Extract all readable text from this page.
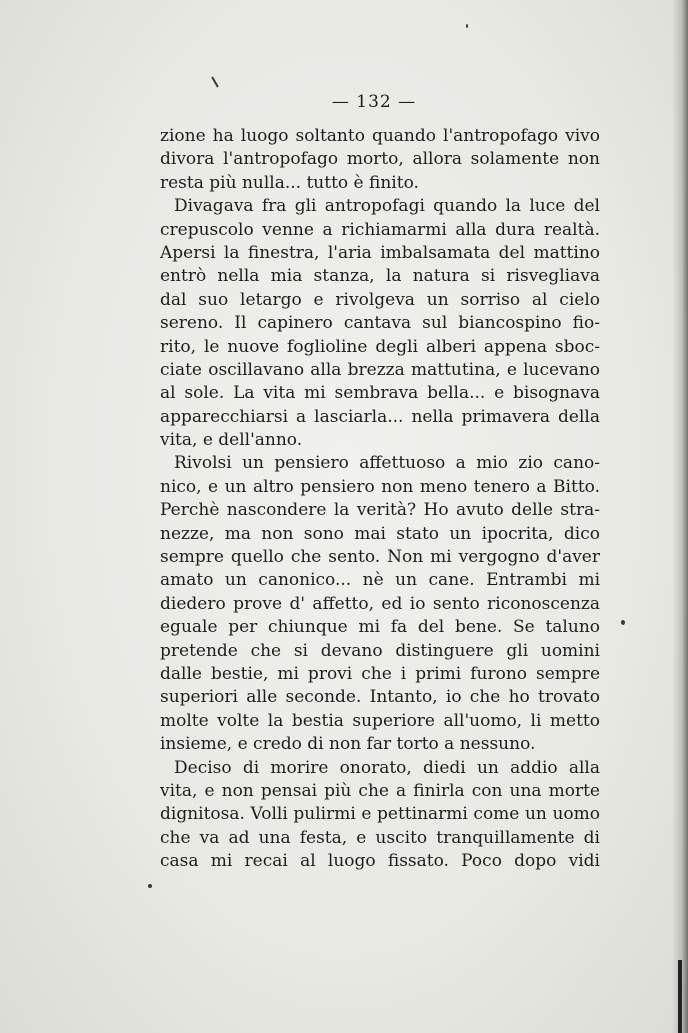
— 132 —
zione ha luogo soltanto quando l'antropofago vivo
divora l'antropofago morto, allora solamente non
resta più nulla... tutto è finito.
Divagava fra gli antropofagi quando la luce del
crepuscolo venne a richiamarmi alla dura realtà.
Apersi la finestra, l'aria imbalsamata del mattino
entrò nella mia stanza, la natura si risvegliava
dal suo letargo e rivolgeva un sorriso al cielo
sereno. Il capinero cantava sul biancospino fio-
rito, le nuove foglioline degli alberi appena sboc-
ciate oscillavano alla brezza mattutina, e lucevano
al sole. La vita mi sembrava bella... e bisognava
apparecchiarsi a lasciarla... nella primavera della
vita, e dell'anno.
Rivolsi un pensiero affettuoso a mio zio cano-
nico, e un altro pensiero non meno tenero a Bitto.
Perchè nascondere la verità? Ho avuto delle stra-
nezze, ma non sono mai stato un ipocrita, dico
sempre quello che sento. Non mi vergogno d'aver
amato un canonico... nè un cane. Entrambi mi
diedero prove d' affetto, ed io sento riconoscenza
eguale per chiunque mi fa del bene. Se taluno
pretende che si devano distinguere gli uomini
dalle bestie, mi provi che i primi furono sempre
superiori alle seconde. Intanto, io che ho trovato
molte volte la bestia superiore all'uomo, li metto
insieme, e credo di non far torto a nessuno.
Deciso di morire onorato, diedi un addio alla
vita, e non pensai più che a finirla con una morte
dignitosa. Volli pulirmi e pettinarmi come un uomo
che va ad una festa, e uscito tranquillamente di
casa mi recai al luogo fissato. Poco dopo vidi
